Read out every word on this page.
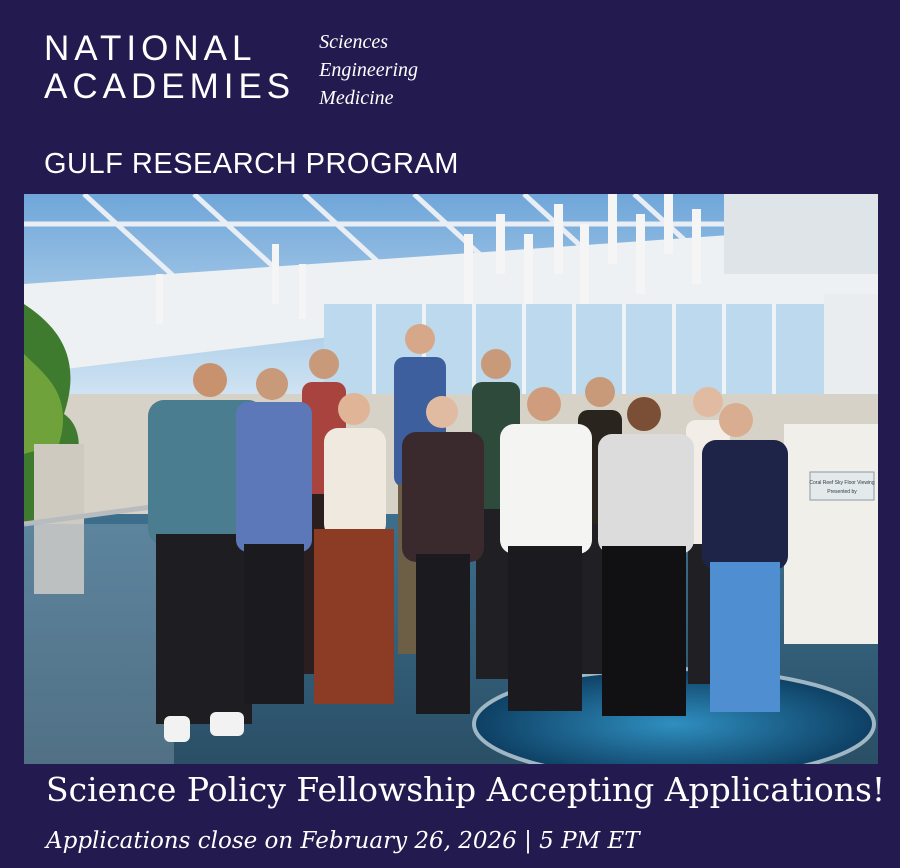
NATIONAL
ACADEMIES
Sciences
Engineering
Medicine
GULF RESEARCH PROGRAM
Coral Reef Sky Floor Viewing
Presented by
Science Policy Fellowship Accepting Applications!
Applications close on February 26, 2026 | 5 PM ET
